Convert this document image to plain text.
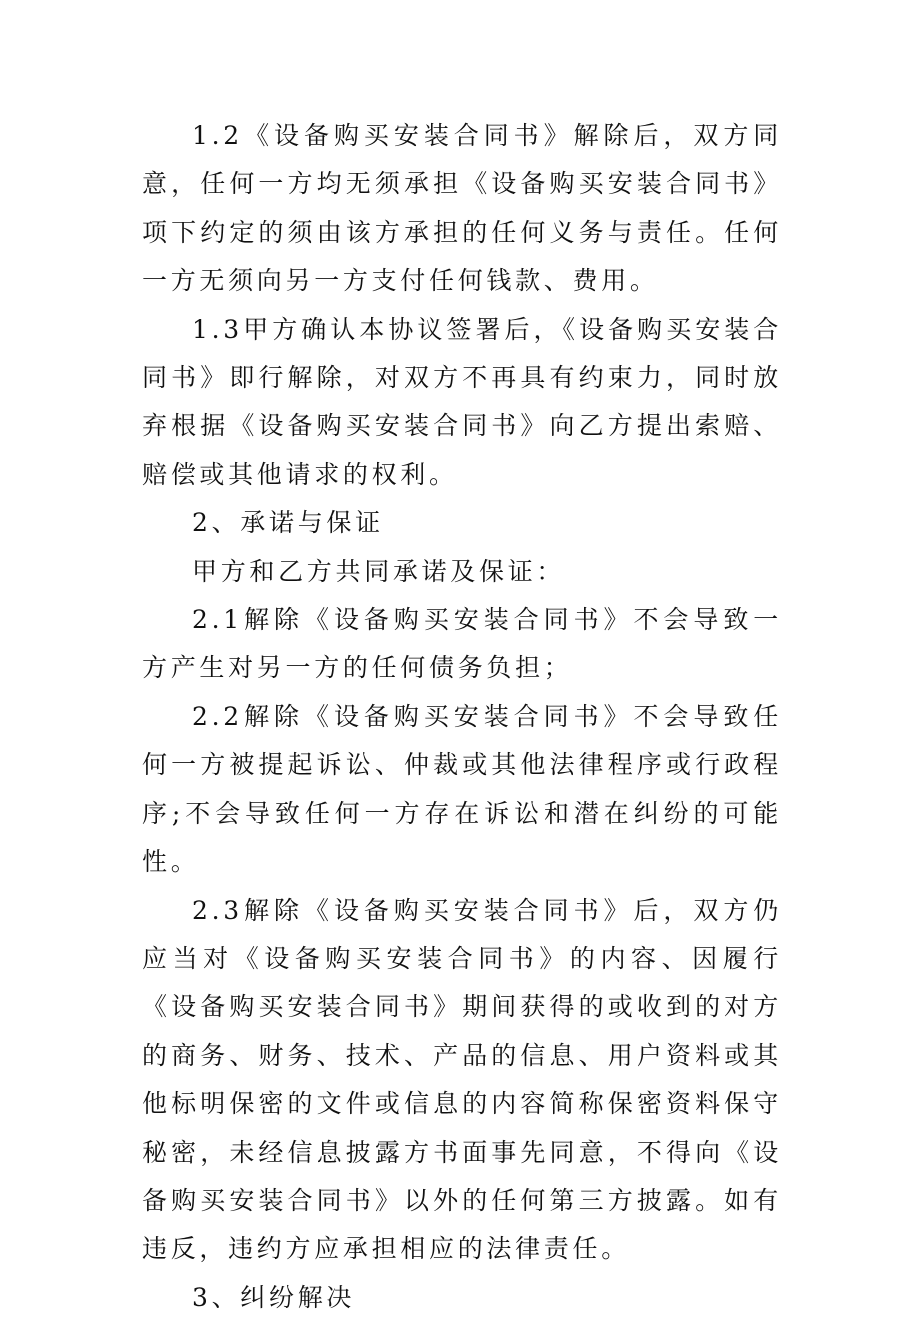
1.2《设备购买安装合同书》解除后，双方同意，任何一方均无须承担《设备购买安装合同书》项下约定的须由该方承担的任何义务与责任。任何一方无须向另一方支付任何钱款、费用。

1.3甲方确认本协议签署后，《设备购买安装合同书》即行解除，对双方不再具有约束力，同时放弃根据《设备购买安装合同书》向乙方提出索赔、赔偿或其他请求的权利。

2、承诺与保证

甲方和乙方共同承诺及保证：

2.1解除《设备购买安装合同书》不会导致一方产生对另一方的任何债务负担；

2.2解除《设备购买安装合同书》不会导致任何一方被提起诉讼、仲裁或其他法律程序或行政程序;不会导致任何一方存在诉讼和潜在纠纷的可能性。

2.3解除《设备购买安装合同书》后，双方仍应当对《设备购买安装合同书》的内容、因履行《设备购买安装合同书》期间获得的或收到的对方的商务、财务、技术、产品的信息、用户资料或其他标明保密的文件或信息的内容简称保密资料保守秘密，未经信息披露方书面事先同意，不得向《设备购买安装合同书》以外的任何第三方披露。如有违反，违约方应承担相应的法律责任。

3、纠纷解决
